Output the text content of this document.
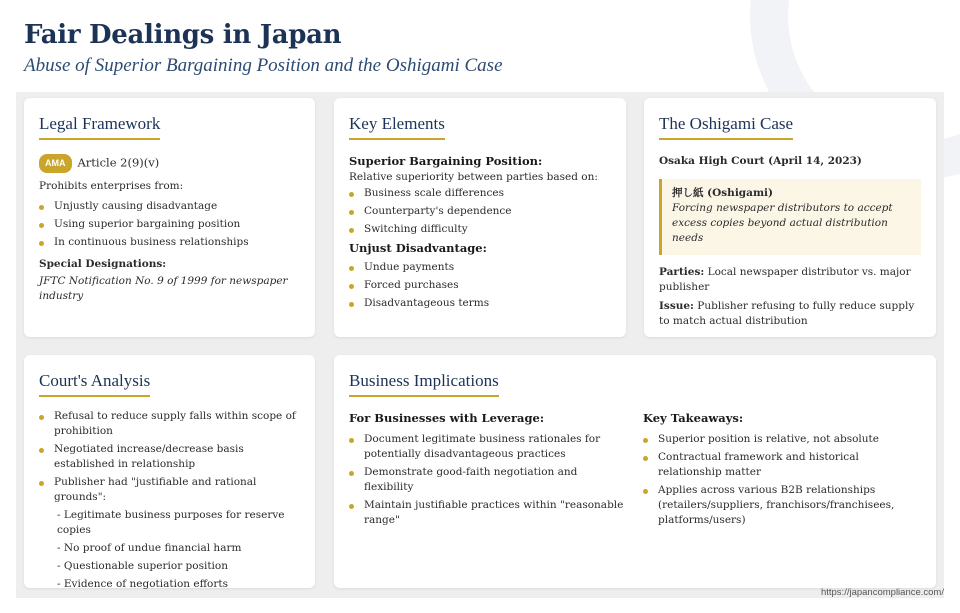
Fair Dealings in Japan
Abuse of Superior Bargaining Position and the Oshigami Case
Legal Framework
AMA Article 2(9)(v)
Prohibits enterprises from:
Unjustly causing disadvantage
Using superior bargaining position
In continuous business relationships
Special Designations:
JFTC Notification No. 9 of 1999 for newspaper industry
Key Elements
Superior Bargaining Position:
Relative superiority between parties based on:
Business scale differences
Counterparty's dependence
Switching difficulty
Unjust Disadvantage:
Undue payments
Forced purchases
Disadvantageous terms
The Oshigami Case
Osaka High Court (April 14, 2023)
押し紙 (Oshigami)
Forcing newspaper distributors to accept excess copies beyond actual distribution needs
Parties: Local newspaper distributor vs. major publisher
Issue: Publisher refusing to fully reduce supply to match actual distribution
Court's Analysis
Refusal to reduce supply falls within scope of prohibition
Negotiated increase/decrease basis established in relationship
Publisher had "justifiable and rational grounds":
- Legitimate business purposes for reserve copies
- No proof of undue financial harm
- Questionable superior position
- Evidence of negotiation efforts
Business Implications
For Businesses with Leverage:
Document legitimate business rationales for potentially disadvantageous practices
Demonstrate good-faith negotiation and flexibility
Maintain justifiable practices within "reasonable range"
Key Takeaways:
Superior position is relative, not absolute
Contractual framework and historical relationship matter
Applies across various B2B relationships (retailers/suppliers, franchisors/franchisees, platforms/users)
https://japancompliance.com/
